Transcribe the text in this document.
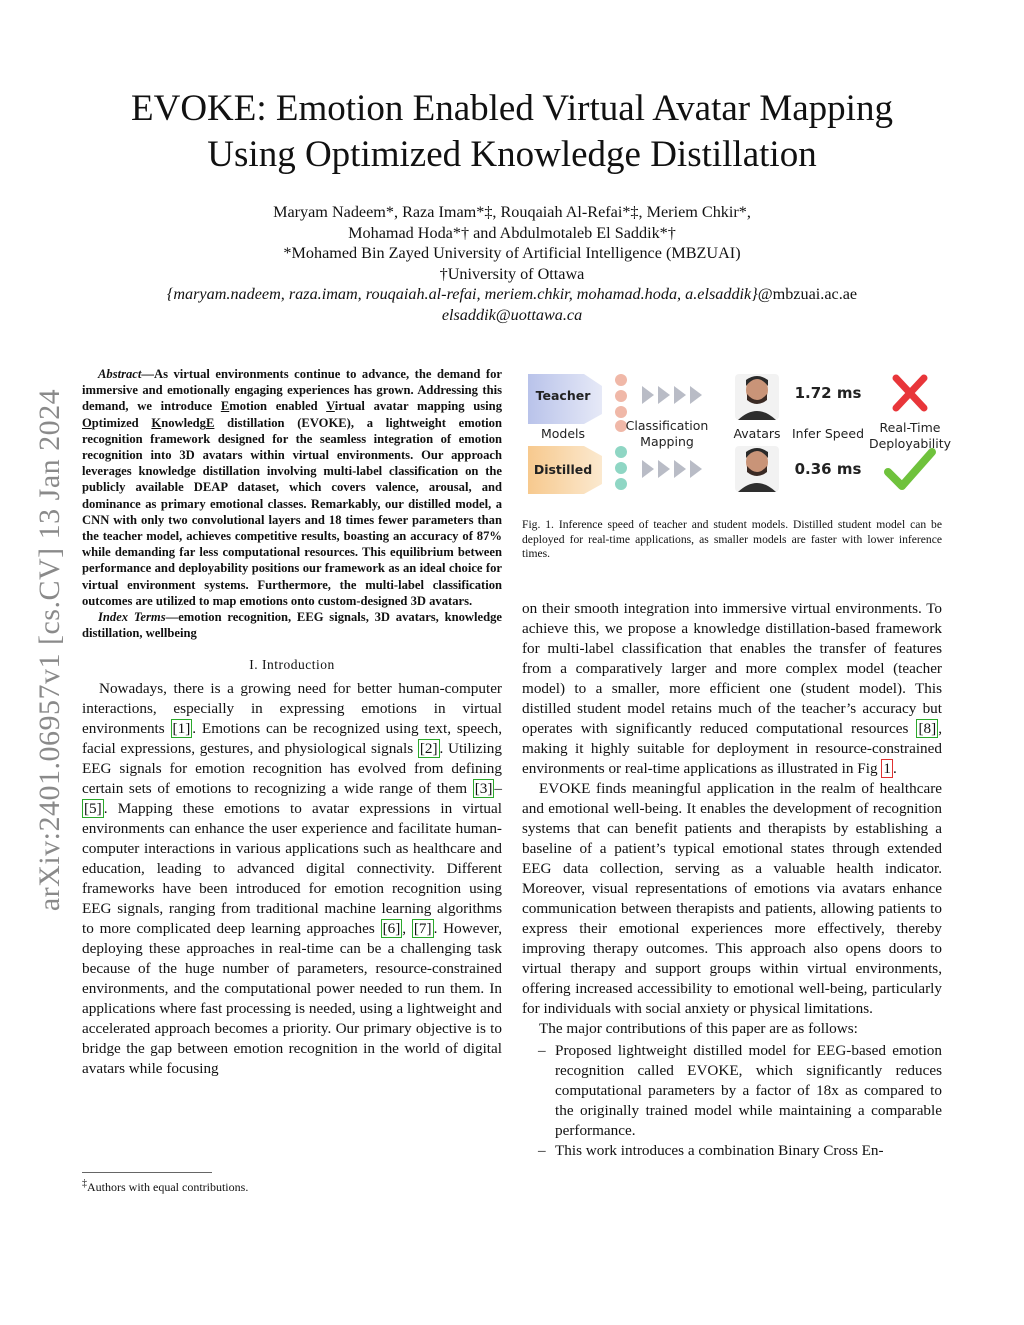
arXiv:2401.06957v1 [cs.CV] 13 Jan 2024
EVOKE: Emotion Enabled Virtual Avatar Mapping
Using Optimized Knowledge Distillation
Maryam Nadeem*, Raza Imam*‡, Rouqaiah Al-Refai*‡, Meriem Chkir*,
Mohamad Hoda*† and Abdulmotaleb El Saddik*†
*Mohamed Bin Zayed University of Artificial Intelligence (MBZUAI)
†University of Ottawa
{maryam.nadeem, raza.imam, rouqaiah.al-refai, meriem.chkir, mohamad.hoda, a.elsaddik}@mbzuai.ac.ae
elsaddik@uottawa.ca

Abstract—As virtual environments continue to advance, the demand for immersive and emotionally engaging experiences has grown. Addressing this demand, we introduce Emotion enabled Virtual avatar mapping using Optimized KnowledgE distillation (EVOKE), a lightweight emotion recognition framework designed for the seamless integration of emotion recognition into 3D avatars within virtual environments. Our approach leverages knowledge distillation involving multi-label classification on the publicly available DEAP dataset, which covers valence, arousal, and dominance as primary emotional classes. Remarkably, our distilled model, a CNN with only two convolutional layers and 18 times fewer parameters than the teacher model, achieves competitive results, boasting an accuracy of 87% while demanding far less computational resources. This equilibrium between performance and deployability positions our framework as an ideal choice for virtual environment systems. Furthermore, the multi-label classification outcomes are utilized to map emotions onto custom-designed 3D avatars.

Index Terms—emotion recognition, EEG signals, 3D avatars, knowledge distillation, wellbeing

I. Introduction

Nowadays, there is a growing need for better human-computer interactions, especially in expressing emotions in virtual environments [1] . Emotions can be recognized using text, speech, facial expressions, gestures, and physiological signals [2] . Utilizing EEG signals for emotion recognition has evolved from defining certain sets of emotions to recognizing a wide range of them [3] –[5] . Mapping these emotions to avatar expressions in virtual environments can enhance the user experience and facilitate human-computer interactions in various applications such as healthcare and education, leading to advanced digital connectivity. Different frameworks have been introduced for emotion recognition using EEG signals, ranging from traditional machine learning algorithms to more complicated deep learning approaches [6] , [7] . However, deploying these approaches in real-time can be a challenging task because of the huge number of parameters, resource-constrained environments, and the computational power needed to run them. In applications where fast processing is needed, using a lightweight and accelerated approach becomes a priority. Our primary objective is to bridge the gap between emotion recognition in the world of digital avatars while focusing

‡Authors with equal contributions.
Teacher
Models
Distilled
Classification
Mapping
Avatars Infer Speed
1.72 ms
0.36 ms
Real-Time
Deployability
Fig. 1. Inference speed of teacher and student models. Distilled student model can be deployed for real-time applications, as smaller models are faster with lower inference times.

on their smooth integration into immersive virtual environments. To achieve this, we propose a knowledge distillation-based framework for multi-label classification that enables the transfer of features from a comparatively larger and more complex model (teacher model) to a smaller, more efficient one (student model). This distilled student model retains much of the teacher’s accuracy but operates with significantly reduced computational resources [8] , making it highly suitable for deployment in resource-constrained environments or real-time applications as illustrated in Fig 1 .

EVOKE finds meaningful application in the realm of healthcare and emotional well-being. It enables the development of recognition systems that can benefit patients and therapists by establishing a baseline of a patient’s typical emotional states through extended EEG data collection, serving as a valuable health indicator. Moreover, visual representations of emotions via avatars enhance communication between therapists and patients, allowing patients to express their emotional experiences more effectively, thereby improving therapy outcomes. This approach also opens doors to virtual therapy and support groups within virtual environments, offering increased accessibility to emotional well-being, particularly for individuals with social anxiety or physical limitations.

The major contributions of this paper are as follows:

– Proposed lightweight distilled model for EEG-based emotion recognition called EVOKE, which significantly reduces computational parameters by a factor of 18x as compared to the originally trained model while maintaining a comparable performance.
– This work introduces a combination Binary Cross En-
